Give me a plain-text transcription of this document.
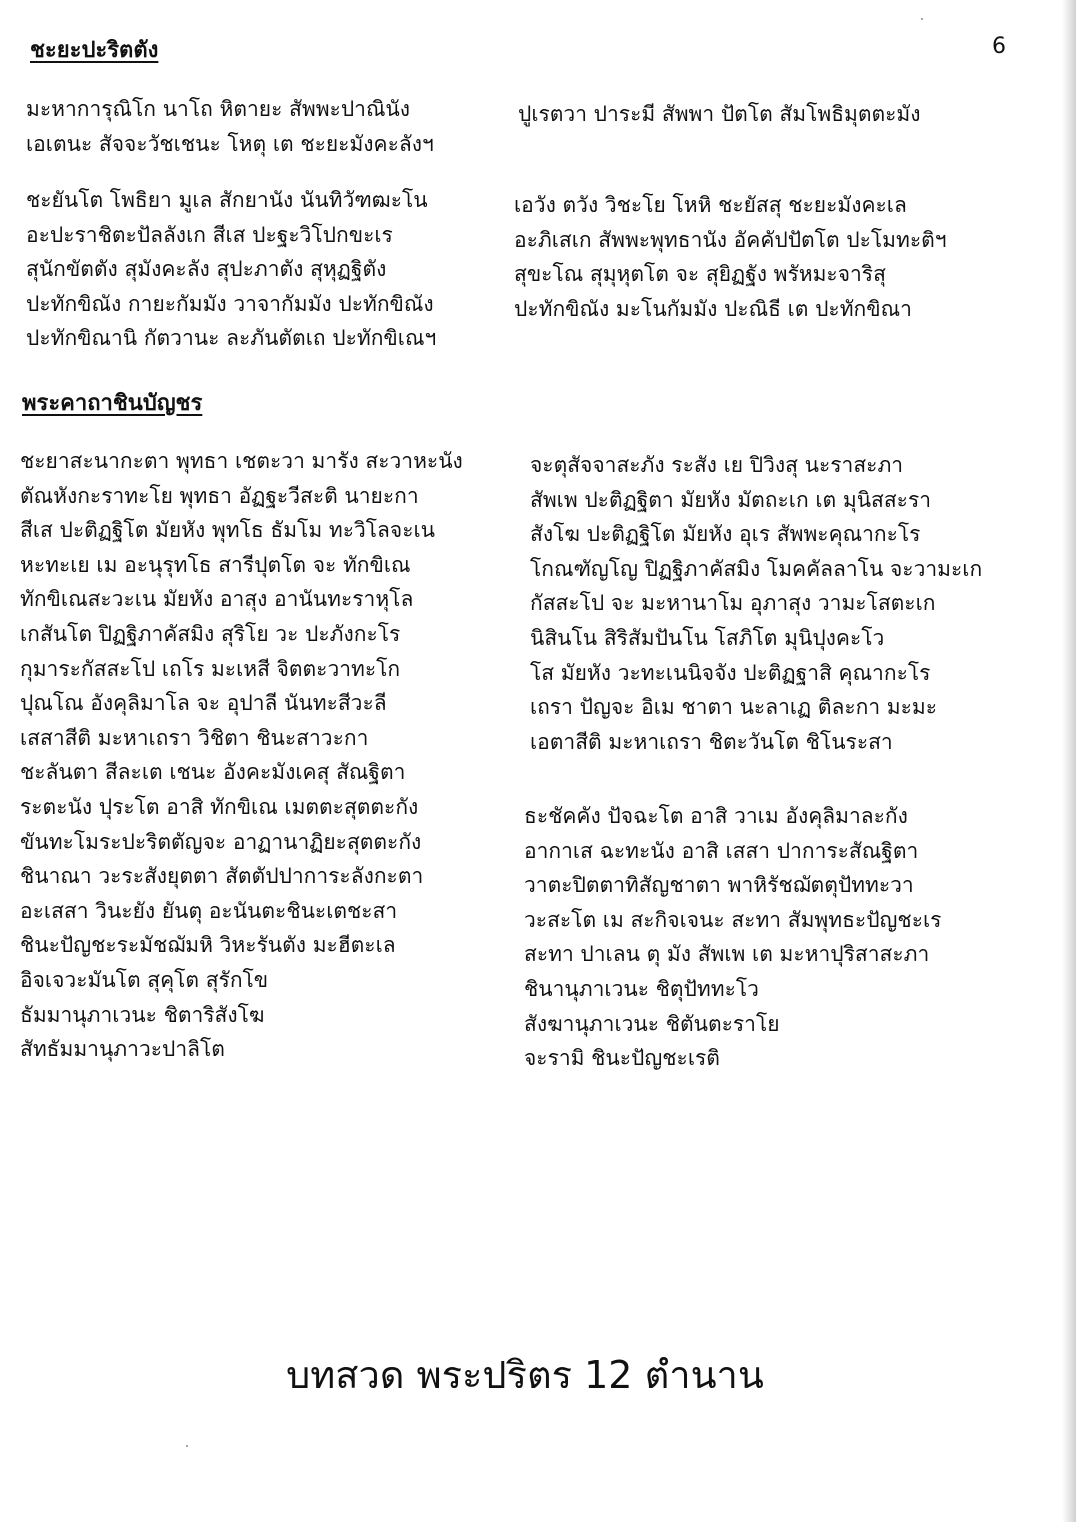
ชะยะปะริตตัง	6
มะหาการุณิโก นาโถ หิตายะ สัพพะปาณินัง
เอเตนะ สัจจะวัชเชนะ โหตุ เต ชะยะมังคะลังฯ
ปูเรตวา ปาระมี สัพพา ปัตโต สัมโพธิมุตตะมัง
ชะยันโต โพธิยา มูเล สักยานัง นันทิวัฑฒะโน
อะปะราชิตะปัลลังเก สีเส ปะฐะวิโปกขะเร
สุนักขัตตัง สุมังคะลัง สุปะภาตัง สุหุฏฐิตัง
ปะทักขิณัง กายะกัมมัง วาจากัมมัง ปะทักขิณัง
ปะทักขิณานิ กัตวานะ ละภันตัตเถ ปะทักขิเณฯ
เอวัง ตวัง วิชะโย โหหิ ชะยัสสุ ชะยะมังคะเล
อะภิเสเก สัพพะพุทธานัง อัคคัปปัตโต ปะโมทะติฯ
สุขะโณ สุมุหุตโต จะ สุยิฏฐัง พรัหมะจาริสุ
ปะทักขิณัง มะโนกัมมัง ปะณิธี เต ปะทักขิณา
พระคาถาชินบัญชร
ชะยาสะนากะตา พุทธา เชตะวา มารัง สะวาหะนัง
ตัณหังกะราทะโย พุทธา อัฏฐะวีสะติ นายะกา
สีเส ปะติฏฐิโต มัยหัง พุทโธ ธัมโม ทะวิโลจะเน
หะทะเย เม อะนุรุทโธ สารีปุตโต จะ ทักขิเณ
ทักขิเณสะวะเน มัยหัง อาสุง อานันทะราหุโล
เกสันโต ปิฏฐิภาคัสมิง สุริโย วะ ปะภังกะโร
กุมาระกัสสะโป เถโร มะเหสี จิตตะวาทะโก
ปุณโณ อังคุลิมาโล จะ อุปาลี นันทะสีวะลี
เสสาสีติ มะหาเถรา วิชิตา ชินะสาวะกา
ชะลันตา สีละเต เชนะ อังคะมังเคสุ สัณฐิตา
ระตะนัง ปุระโต อาสิ ทักขิเณ เมตตะสุตตะกัง
ขันทะโมระปะริตตัญจะ อาฏานาฏิยะสุตตะกัง
ชินาณา วะระสังยุตตา สัตตัปปาการะลังกะตา
อะเสสา วินะยัง ยันตุ อะนันตะชินะเตชะสา
ชินะปัญชะระมัชฌัมหิ วิหะรันตัง มะฮีตะเล
อิจเจวะมันโต สุคุโต สุรักโข
ธัมมานุภาเวนะ ชิตาริสังโฆ
สัทธัมมานุภาวะปาลิโต
จะตุสัจจาสะภัง ระสัง เย ปิวิงสุ นะราสะภา
สัพเพ ปะติฏฐิตา มัยหัง มัตถะเก เต มุนิสสะรา
สังโฆ ปะติฏฐิโต มัยหัง อุเร สัพพะคุณากะโร
โกณฑัญโญ ปิฏฐิภาคัสมิง โมคคัลลาโน จะวามะเก
กัสสะโป จะ มะหานาโม อุภาสุง วามะโสตะเก
นิสินโน สิริสัมปันโน โสภิโต มุนิปุงคะโว
โส มัยหัง วะทะเนนิจจัง ปะติฏฐาสิ คุณากะโร
เถรา ปัญจะ อิเม ชาตา นะลาเฏ ติละกา มะมะ
เอตาสีติ มะหาเถรา ชิตะวันโต ชิโนระสา
ธะชัคคัง ปัจฉะโต อาสิ วาเม อังคุลิมาละกัง
อากาเส ฉะทะนัง อาสิ เสสา ปาการะสัณฐิตา
วาตะปิตตาทิสัญชาตา พาหิรัชฌัตตุปัททะวา
วะสะโต เม สะกิจเจนะ สะทา สัมพุทธะปัญชะเร
สะทา ปาเลน ตุ มัง สัพเพ เต มะหาปุริสาสะภา
ชินานุภาเวนะ ชิตุปัททะโว
สังฆานุภาเวนะ ชิตันตะราโย
จะรามิ ชินะปัญชะเรติ
บทสวด พระปริตร 12 ตำนาน
